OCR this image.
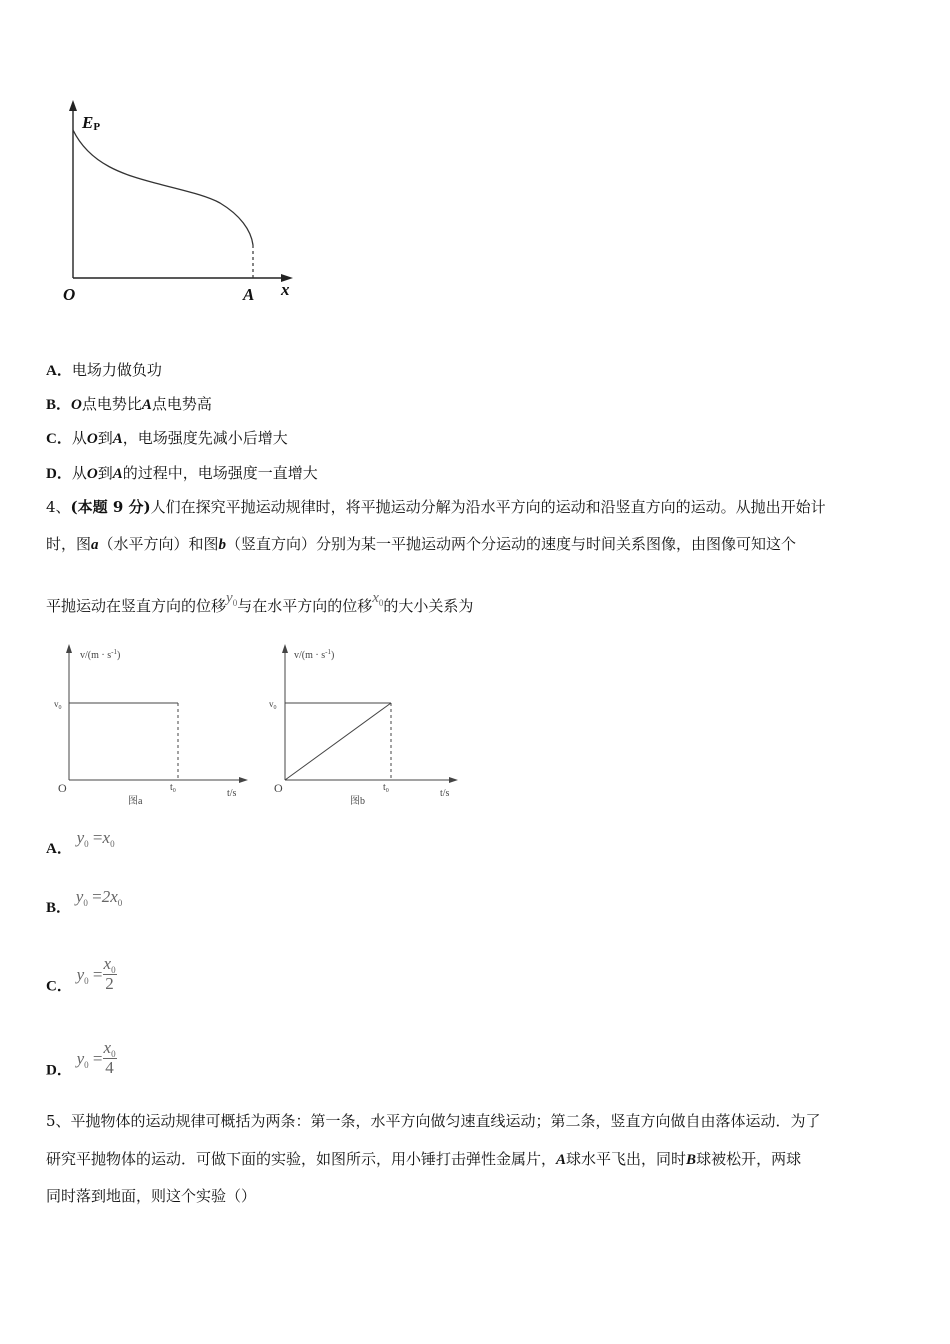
EP
O	A x
A．电场力做负功
B．O点电势比A点电势高
C．从O到A，电场强度先减小后增大
D．从O到A的过程中，电场强度一直增大
4、(本题 9 分)人们在探究平抛运动规律时，将平抛运动分解为沿水平方向的运动和沿竖直方向的运动。从抛出开始计
时，图a（水平方向）和图b（竖直方向）分别为某一平抛运动两个分运动的速度与时间关系图像，由图像可知这个
平抛运动在竖直方向的位移$y_0$与在水平方向的位移$x_0$的大小关系为
$v/(m \cdot s^{-1})$
$v_0$
O	$t_0$	t/s
图a
$v/(m \cdot s^{-1})$
$v_0$
O	$t_0$	t/s
图b
A． $y_0 =x_0$
B． $y_0 =2x_0$
C． $y_0 = \frac{x_0}{2}$
D． $y_0 = \frac{x_0}{4}$
5、平抛物体的运动规律可概括为两条：第一条，水平方向做匀速直线运动；第二条，竖直方向做自由落体运动．为了
研究平抛物体的运动．可做下面的实验，如图所示，用小锤打击弹性金属片，A球水平飞出，同时B球被松开，两球
同时落到地面，则这个实验（）
